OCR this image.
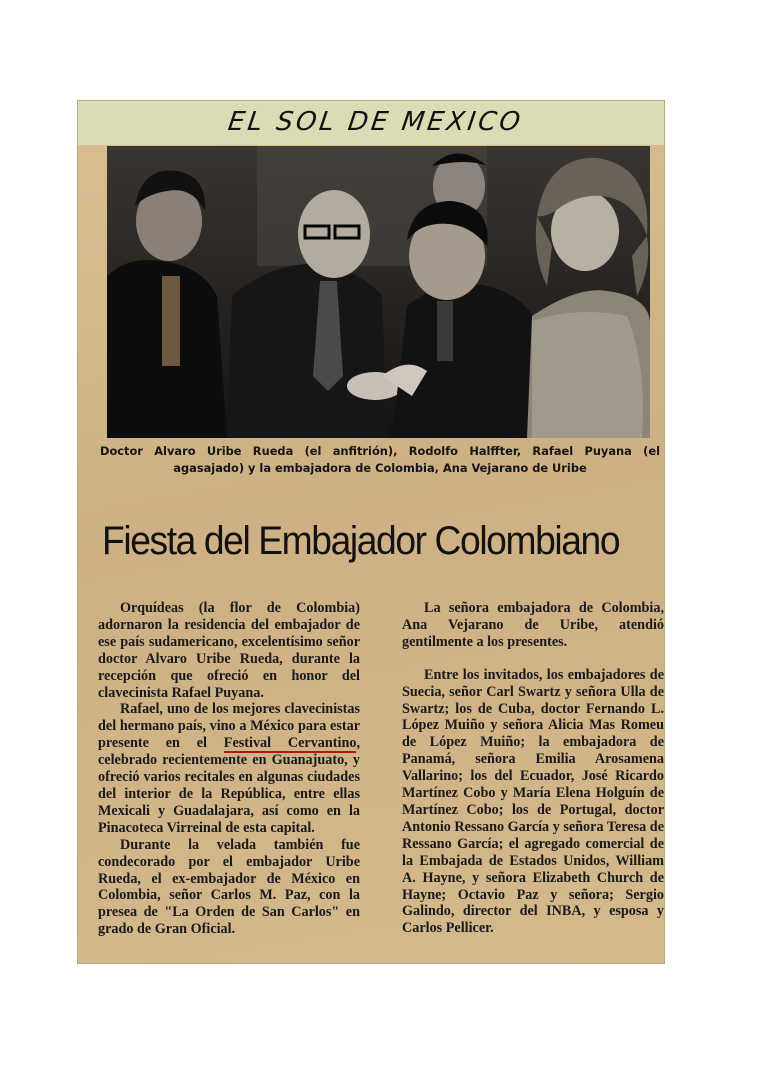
EL SOL DE MEXICO
Doctor Alvaro Uribe Rueda (el anfitrión), Rodolfo Halffter, Rafael Puyana (el
agasajado) y la embajadora de Colombia, Ana Vejarano de Uribe
Fiesta del Embajador Colombiano

Orquídeas (la flor de Colombia) adornaron la residencia del embajador de ese país sudamericano, excelentísimo señor doctor Alvaro Uribe Rueda, durante la recepción que ofreció en honor del clavecinista Rafael Puyana.

Rafael, uno de los mejores clavecinistas del hermano país, vino a México para estar presente en el Festival Cervantino, celebrado recientemente en Guanajuato, y ofreció varios recitales en algunas ciudades del interior de la República, entre ellas Mexicali y Guadalajara, así como en la Pinacoteca Virreinal de esta capital.

Durante la velada también fue condecorado por el embajador Uribe Rueda, el ex-embajador de México en Colombia, señor Carlos M. Paz, con la presea de "La Orden de San Carlos" en grado de Gran Oficial.

La señora embajadora de Colombia, Ana Vejarano de Uribe, atendió gentilmente a los presentes.

Entre los invitados, los embajadores de Suecia, señor Carl Swartz y señora Ulla de Swartz; los de Cuba, doctor Fernando L. López Muiño y señora Alicia Mas Romeu de López Muiño; la embajadora de Panamá, señora Emilia Arosamena Vallarino; los del Ecuador, José Ricardo Martínez Cobo y María Elena Holguín de Martínez Cobo; los de Portugal, doctor Antonio Ressano García y señora Teresa de Ressano García; el agregado comercial de la Embajada de Estados Unidos, William A. Hayne, y señora Elizabeth Church de Hayne; Octavio Paz y señora; Sergio Galindo, director del INBA, y esposa y Carlos Pellicer.
